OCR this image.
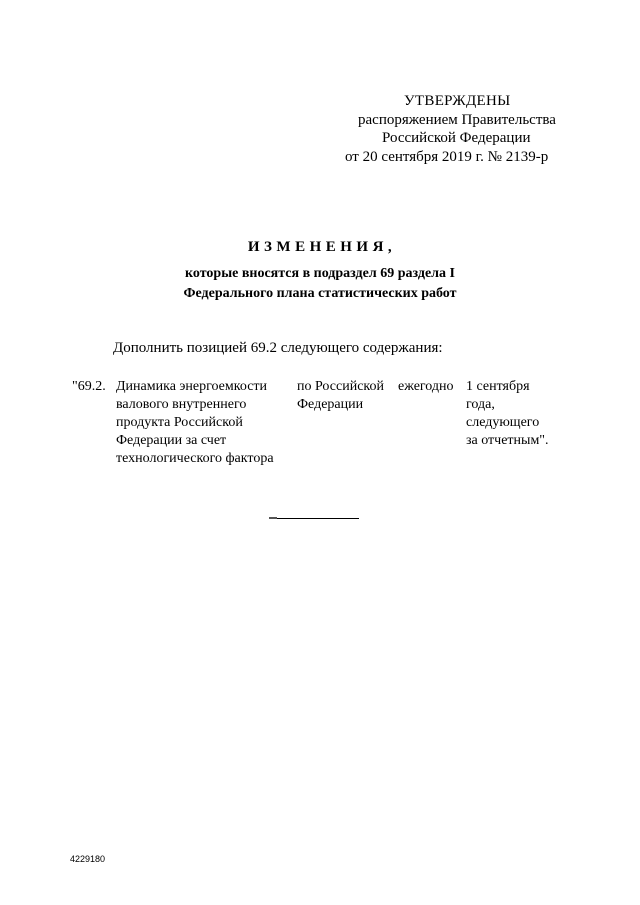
УТВЕРЖДЕНЫ
распоряжением Правительства
Российской Федерации
от 20 сентября 2019 г. № 2139-р
ИЗМЕНЕНИЯ,
которые вносятся в подраздел 69 раздела I
Федерального плана статистических работ
Дополнить позицией 69.2 следующего содержания:
"69.2. Динамика энергоемкости
валового внутреннего
продукта Российской
Федерации за счет
технологического фактора
по Российской
Федерации
ежегодно 1 сентября
года,
следующего
за отчетным".
4229180
